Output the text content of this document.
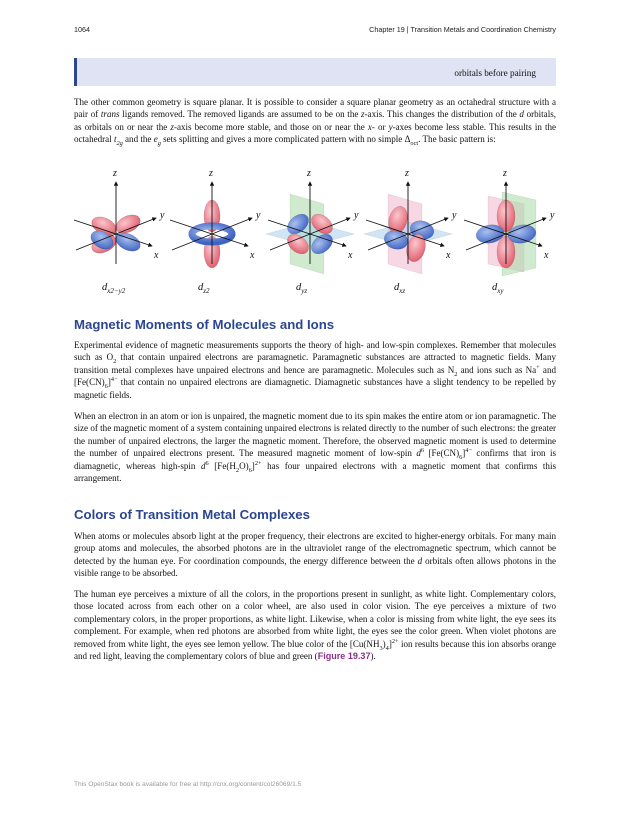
1064	Chapter 19 | Transition Metals and Coordination Chemistry
orbitals before pairing

The other common geometry is square planar. It is possible to consider a square planar geometry as an octahedral structure with a pair of trans ligands removed. The removed ligands are assumed to be on the z-axis. This changes the distribution of the d orbitals, as orbitals on or near the z-axis become more stable, and those on or near the x- or y-axes become less stable. This results in the octahedral $t_{2g}$ and the $e_g$ sets splitting and gives a more complicated pattern with no simple $\Delta_{oct}$. The basic pattern is:

z
y
x
$d_{x2-y2}$
z
y
x
$d_{z2}$
z
y
x
$d_{yz}$
z
y
x
$d_{xz}$
z
y
x
$d_{xy}$
Magnetic Moments of Molecules and Ions

Experimental evidence of magnetic measurements supports the theory of high- and low-spin complexes. Remember that molecules such as $O_2$ that contain unpaired electrons are paramagnetic. Paramagnetic substances are attracted to magnetic fields. Many transition metal complexes have unpaired electrons and hence are paramagnetic. Molecules such as $N_2$ and ions such as Na+ and $[Fe(CN)_6]^{4-}$ that contain no unpaired electrons are diamagnetic. Diamagnetic substances have a slight tendency to be repelled by magnetic fields.

When an electron in an atom or ion is unpaired, the magnetic moment due to its spin makes the entire atom or ion paramagnetic. The size of the magnetic moment of a system containing unpaired electrons is related directly to the number of such electrons: the greater the number of unpaired electrons, the larger the magnetic moment. Therefore, the observed magnetic moment is used to determine the number of unpaired electrons present. The measured magnetic moment of low-spin $d^6$ $[Fe(CN)_6]^{4-}$ confirms that iron is diamagnetic, whereas high-spin $d^6$ $[Fe(H_2O)_6]^{2+}$ has four unpaired electrons with a magnetic moment that confirms this arrangement.

Colors of Transition Metal Complexes

When atoms or molecules absorb light at the proper frequency, their electrons are excited to higher-energy orbitals. For many main group atoms and molecules, the absorbed photons are in the ultraviolet range of the electromagnetic spectrum, which cannot be detected by the human eye. For coordination compounds, the energy difference between the d orbitals often allows photons in the visible range to be absorbed.

The human eye perceives a mixture of all the colors, in the proportions present in sunlight, as white light. Complementary colors, those located across from each other on a color wheel, are also used in color vision. The eye perceives a mixture of two complementary colors, in the proper proportions, as white light. Likewise, when a color is missing from white light, the eye sees its complement. For example, when red photons are absorbed from white light, the eyes see the color green. When violet photons are removed from white light, the eyes see lemon yellow. The blue color of the $[Cu(NH_3)_4]^{2+}$ ion results because this ion absorbs orange and red light, leaving the complementary colors of blue and green (Figure 19.37).

This OpenStax book is available for free at http://cnx.org/content/col26069/1.5
